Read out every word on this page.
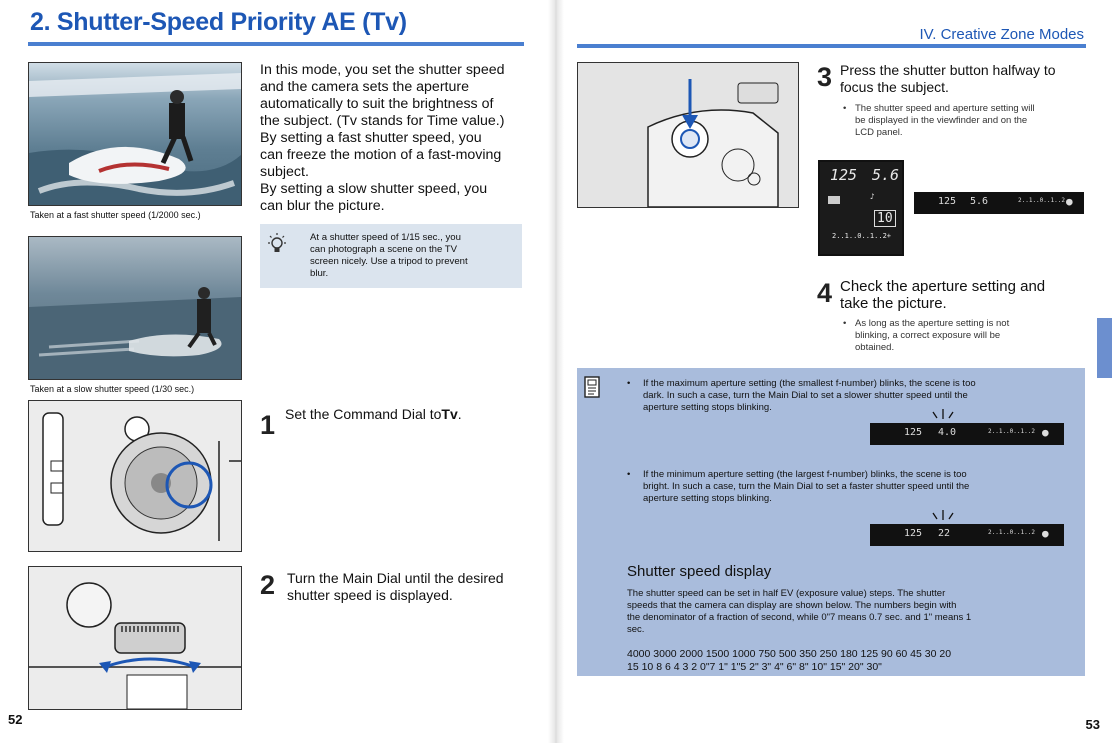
2. Shutter-Speed Priority AE (Tv)
Taken at a fast shutter speed (1/2000 sec.)
Taken at a slow shutter speed (1/30 sec.)
In this mode, you set the shutter speed
and the camera sets the aperture
automatically to suit the brightness of
the subject. (Tv stands for Time value.)
By setting a fast shutter speed, you
can freeze the motion of a fast-moving
subject.
By setting a slow shutter speed, you
can blur the picture.
At a shutter speed of 1/15 sec., you
can photograph a scene on the TV
screen nicely. Use a tripod to prevent
blur.
1 Set the Command Dial toTv.
2 Turn the Main Dial until the desired
shutter speed is displayed.
52
IV. Creative Zone Modes
3 Press the shutter button halfway to
focus the subject.
• The shutter speed and aperture setting will
be displayed in the viewfinder and on the
LCD panel.
125 5.6
♪
10
2..1..0..1..2+
125 5.6	2..1..0..1..2 ●
4 Check the aperture setting and
take the picture.
• As long as the aperture setting is not
blinking, a correct exposure will be
obtained.
• If the maximum aperture setting (the smallest f-number) blinks, the scene is too
dark. In such a case, turn the Main Dial to set a slower shutter speed until the
aperture setting stops blinking.
125 4.0	2..1..0..1..2 ●
• If the minimum aperture setting (the largest f-number) blinks, the scene is too
bright. In such a case, turn the Main Dial to set a faster shutter speed until the
aperture setting stops blinking.
125 22	2..1..0..1..2 ●
Shutter speed display
The shutter speed can be set in half EV (exposure value) steps. The shutter
speeds that the camera can display are shown below. The numbers begin with
the denominator of a fraction of second, while 0"7 means 0.7 sec. and 1" means 1
sec.
4000 3000 2000 1500 1000 750 500 350 250 180 125 90 60 45 30 20
15 10 8 6 4 3 2 0"7 1" 1"5 2" 3" 4" 6" 8" 10" 15" 20" 30"
53
